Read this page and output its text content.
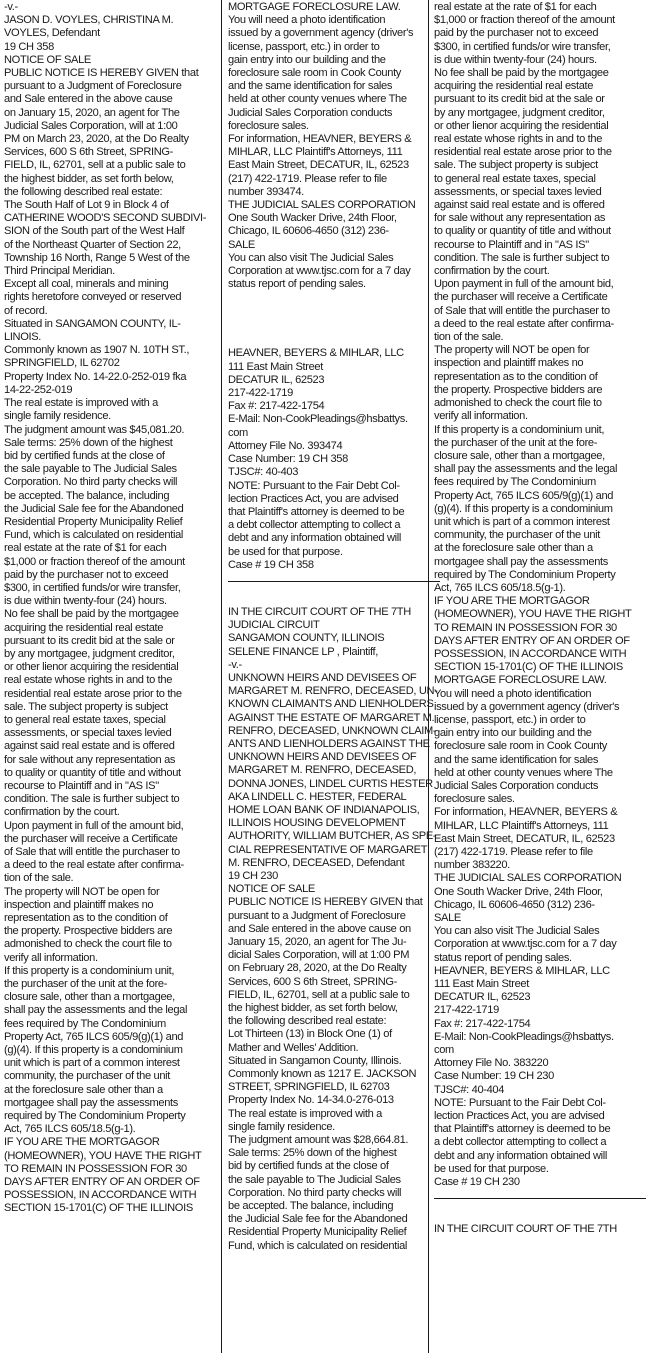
-v.-
JASON D. VOYLES, CHRISTINA M.
VOYLES, Defendant
19 CH 358
NOTICE OF SALE
PUBLIC NOTICE IS HEREBY GIVEN that
pursuant to a Judgment of Foreclosure
and Sale entered in the above cause
on January 15, 2020, an agent for The
Judicial Sales Corporation, will at 1:00
PM on March 23, 2020, at the Do Realty
Services, 600 S 6th Street, SPRING-
FIELD, IL, 62701, sell at a public sale to
the highest bidder, as set forth below,
the following described real estate:
The South Half of Lot 9 in Block 4 of
CATHERINE WOOD'S SECOND SUBDIVI-
SION of the South part of the West Half
of the Northeast Quarter of Section 22,
Township 16 North, Range 5 West of the
Third Principal Meridian.
Except all coal, minerals and mining
rights heretofore conveyed or reserved
of record.
Situated in SANGAMON COUNTY, IL-
LINOIS.
Commonly known as 1907 N. 10TH ST.,
SPRINGFIELD, IL 62702
Property Index No. 14-22.0-252-019 fka
14-22-252-019
The real estate is improved with a
single family residence.
The judgment amount was $45,081.20.
Sale terms: 25% down of the highest
bid by certified funds at the close of
the sale payable to The Judicial Sales
Corporation. No third party checks will
be accepted. The balance, including
the Judicial Sale fee for the Abandoned
Residential Property Municipality Relief
Fund, which is calculated on residential
real estate at the rate of $1 for each
$1,000 or fraction thereof of the amount
paid by the purchaser not to exceed
$300, in certified funds/or wire transfer,
is due within twenty-four (24) hours.
No fee shall be paid by the mortgagee
acquiring the residential real estate
pursuant to its credit bid at the sale or
by any mortgagee, judgment creditor,
or other lienor acquiring the residential
real estate whose rights in and to the
residential real estate arose prior to the
sale. The subject property is subject
to general real estate taxes, special
assessments, or special taxes levied
against said real estate and is offered
for sale without any representation as
to quality or quantity of title and without
recourse to Plaintiff and in "AS IS"
condition. The sale is further subject to
confirmation by the court.
Upon payment in full of the amount bid,
the purchaser will receive a Certificate
of Sale that will entitle the purchaser to
a deed to the real estate after confirma-
tion of the sale.
The property will NOT be open for
inspection and plaintiff makes no
representation as to the condition of
the property. Prospective bidders are
admonished to check the court file to
verify all information.
If this property is a condominium unit,
the purchaser of the unit at the fore-
closure sale, other than a mortgagee,
shall pay the assessments and the legal
fees required by The Condominium
Property Act, 765 ILCS 605/9(g)(1) and
(g)(4). If this property is a condominium
unit which is part of a common interest
community, the purchaser of the unit
at the foreclosure sale other than a
mortgagee shall pay the assessments
required by The Condominium Property
Act, 765 ILCS 605/18.5(g-1).
IF YOU ARE THE MORTGAGOR
(HOMEOWNER), YOU HAVE THE RIGHT
TO REMAIN IN POSSESSION FOR 30
DAYS AFTER ENTRY OF AN ORDER OF
POSSESSION, IN ACCORDANCE WITH
SECTION 15-1701(C) OF THE ILLINOIS
MORTGAGE FORECLOSURE LAW.
You will need a photo identification
issued by a government agency (driver's
license, passport, etc.) in order to
gain entry into our building and the
foreclosure sale room in Cook County
and the same identification for sales
held at other county venues where The
Judicial Sales Corporation conducts
foreclosure sales.
For information, HEAVNER, BEYERS &
MIHLAR, LLC Plaintiff's Attorneys, 111
East Main Street, DECATUR, IL, 62523
(217) 422-1719. Please refer to file
number 393474.
THE JUDICIAL SALES CORPORATION
One South Wacker Drive, 24th Floor,
Chicago, IL 60606-4650 (312) 236-
SALE
You can also visit The Judicial Sales
Corporation at www.tjsc.com for a 7 day
status report of pending sales.
HEAVNER, BEYERS & MIHLAR, LLC
111 East Main Street
DECATUR IL, 62523
217-422-1719
Fax #: 217-422-1754
E-Mail: Non-CookPleadings@hsbattys.
com
Attorney File No. 393474
Case Number: 19 CH 358
TJSC#: 40-403
NOTE: Pursuant to the Fair Debt Col-
lection Practices Act, you are advised
that Plaintiff's attorney is deemed to be
a debt collector attempting to collect a
debt and any information obtained will
be used for that purpose.
Case # 19 CH 358
IN THE CIRCUIT COURT OF THE 7TH
JUDICIAL CIRCUIT
SANGAMON COUNTY, ILLINOIS
SELENE FINANCE LP , Plaintiff,
-v.-
UNKNOWN HEIRS AND DEVISEES OF
MARGARET M. RENFRO, DECEASED, UN-
KNOWN CLAIMANTS AND LIENHOLDERS
AGAINST THE ESTATE OF MARGARET M.
RENFRO, DECEASED, UNKNOWN CLAIM-
ANTS AND LIENHOLDERS AGAINST THE
UNKNOWN HEIRS AND DEVISEES OF
MARGARET M. RENFRO, DECEASED,
DONNA JONES, LINDEL CURTIS HESTER
AKA LINDELL C. HESTER, FEDERAL
HOME LOAN BANK OF INDIANAPOLIS,
ILLINOIS HOUSING DEVELOPMENT
AUTHORITY, WILLIAM BUTCHER, AS SPE-
CIAL REPRESENTATIVE OF MARGARET
M. RENFRO, DECEASED, Defendant
19 CH 230
NOTICE OF SALE
PUBLIC NOTICE IS HEREBY GIVEN that
pursuant to a Judgment of Foreclosure
and Sale entered in the above cause on
January 15, 2020, an agent for The Ju-
dicial Sales Corporation, will at 1:00 PM
on February 28, 2020, at the Do Realty
Services, 600 S 6th Street, SPRING-
FIELD, IL, 62701, sell at a public sale to
the highest bidder, as set forth below,
the following described real estate:
Lot Thirteen (13) in Block One (1) of
Mather and Welles' Addition.
Situated in Sangamon County, Illinois.
Commonly known as 1217 E. JACKSON
STREET, SPRINGFIELD, IL 62703
Property Index No. 14-34.0-276-013
The real estate is improved with a
single family residence.
The judgment amount was $28,664.81.
Sale terms: 25% down of the highest
bid by certified funds at the close of
the sale payable to The Judicial Sales
Corporation. No third party checks will
be accepted. The balance, including
the Judicial Sale fee for the Abandoned
Residential Property Municipality Relief
Fund, which is calculated on residential
real estate at the rate of $1 for each
$1,000 or fraction thereof of the amount
paid by the purchaser not to exceed
$300, in certified funds/or wire transfer,
is due within twenty-four (24) hours.
No fee shall be paid by the mortgagee
acquiring the residential real estate
pursuant to its credit bid at the sale or
by any mortgagee, judgment creditor,
or other lienor acquiring the residential
real estate whose rights in and to the
residential real estate arose prior to the
sale. The subject property is subject
to general real estate taxes, special
assessments, or special taxes levied
against said real estate and is offered
for sale without any representation as
to quality or quantity of title and without
recourse to Plaintiff and in "AS IS"
condition. The sale is further subject to
confirmation by the court.
Upon payment in full of the amount bid,
the purchaser will receive a Certificate
of Sale that will entitle the purchaser to
a deed to the real estate after confirma-
tion of the sale.
The property will NOT be open for
inspection and plaintiff makes no
representation as to the condition of
the property. Prospective bidders are
admonished to check the court file to
verify all information.
If this property is a condominium unit,
the purchaser of the unit at the fore-
closure sale, other than a mortgagee,
shall pay the assessments and the legal
fees required by The Condominium
Property Act, 765 ILCS 605/9(g)(1) and
(g)(4). If this property is a condominium
unit which is part of a common interest
community, the purchaser of the unit
at the foreclosure sale other than a
mortgagee shall pay the assessments
required by The Condominium Property
Act, 765 ILCS 605/18.5(g-1).
IF YOU ARE THE MORTGAGOR
(HOMEOWNER), YOU HAVE THE RIGHT
TO REMAIN IN POSSESSION FOR 30
DAYS AFTER ENTRY OF AN ORDER OF
POSSESSION, IN ACCORDANCE WITH
SECTION 15-1701(C) OF THE ILLINOIS
MORTGAGE FORECLOSURE LAW.
You will need a photo identification
issued by a government agency (driver's
license, passport, etc.) in order to
gain entry into our building and the
foreclosure sale room in Cook County
and the same identification for sales
held at other county venues where The
Judicial Sales Corporation conducts
foreclosure sales.
For information, HEAVNER, BEYERS &
MIHLAR, LLC Plaintiff's Attorneys, 111
East Main Street, DECATUR, IL, 62523
(217) 422-1719. Please refer to file
number 383220.
THE JUDICIAL SALES CORPORATION
One South Wacker Drive, 24th Floor,
Chicago, IL 60606-4650 (312) 236-
SALE
You can also visit The Judicial Sales
Corporation at www.tjsc.com for a 7 day
status report of pending sales.
HEAVNER, BEYERS & MIHLAR, LLC
111 East Main Street
DECATUR IL, 62523
217-422-1719
Fax #: 217-422-1754
E-Mail: Non-CookPleadings@hsbattys.
com
Attorney File No. 383220
Case Number: 19 CH 230
TJSC#: 40-404
NOTE: Pursuant to the Fair Debt Col-
lection Practices Act, you are advised
that Plaintiff's attorney is deemed to be
a debt collector attempting to collect a
debt and any information obtained will
be used for that purpose.
Case # 19 CH 230
IN THE CIRCUIT COURT OF THE 7TH
